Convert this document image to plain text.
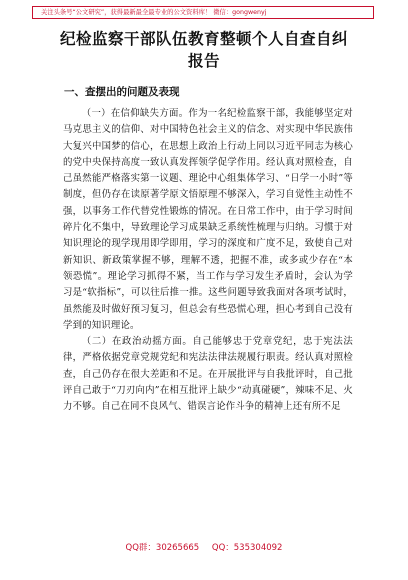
关注头条号“公文研究”，获得最新最全最专业的公文资料库！ 微信：gongwenyj
纪检监察干部队伍教育整顿个人自查自纠
报告
一、查摆出的问题及表现

（一）在信仰缺失方面。作为一名纪检监察干部，我能够坚定对马克思主义的信仰、对中国特色社会主义的信念、对实现中华民族伟大复兴中国梦的信心，在思想上政治上行动上同以习近平同志为核心的党中央保持高度一致认真发挥领学促学作用。经认真对照检查，自己虽然能严格落实第一议题、理论中心组集体学习、“日学一小时”等制度，但仍存在读原著学原文悟原理不够深入，学习自觉性主动性不强，以事务工作代替党性锻炼的情况。在日常工作中，由于学习时间碎片化不集中，导致理论学习成果缺乏系统性梳理与归纳。习惯于对知识理论的现学现用即学即用，学习的深度和广度不足，致使自己对新知识、新政策掌握不够，理解不透，把握不准，或多或少存在“本领恐慌”。理论学习抓得不紧，当工作与学习发生矛盾时，会认为学习是“软指标”，可以往后推一推。这些问题导致我面对各项考试时，虽然能及时做好预习复习，但总会有些恐慌心理，担心考到自己没有学到的知识理论。

（二）在政治动摇方面。自己能够忠于党章党纪，忠于宪法法律，严格依据党章党规党纪和宪法法律法规履行职责。经认真对照检查，自己仍存在很大差距和不足。在开展批评与自我批评时，自己批评自己敢于“刀刃向内”在相互批评上缺少“动真碰硬”，辣味不足、火力不够。自己在同不良风气、错误言论作斗争的精神上还有所不足

QQ群：30265665 QQ：535304092
